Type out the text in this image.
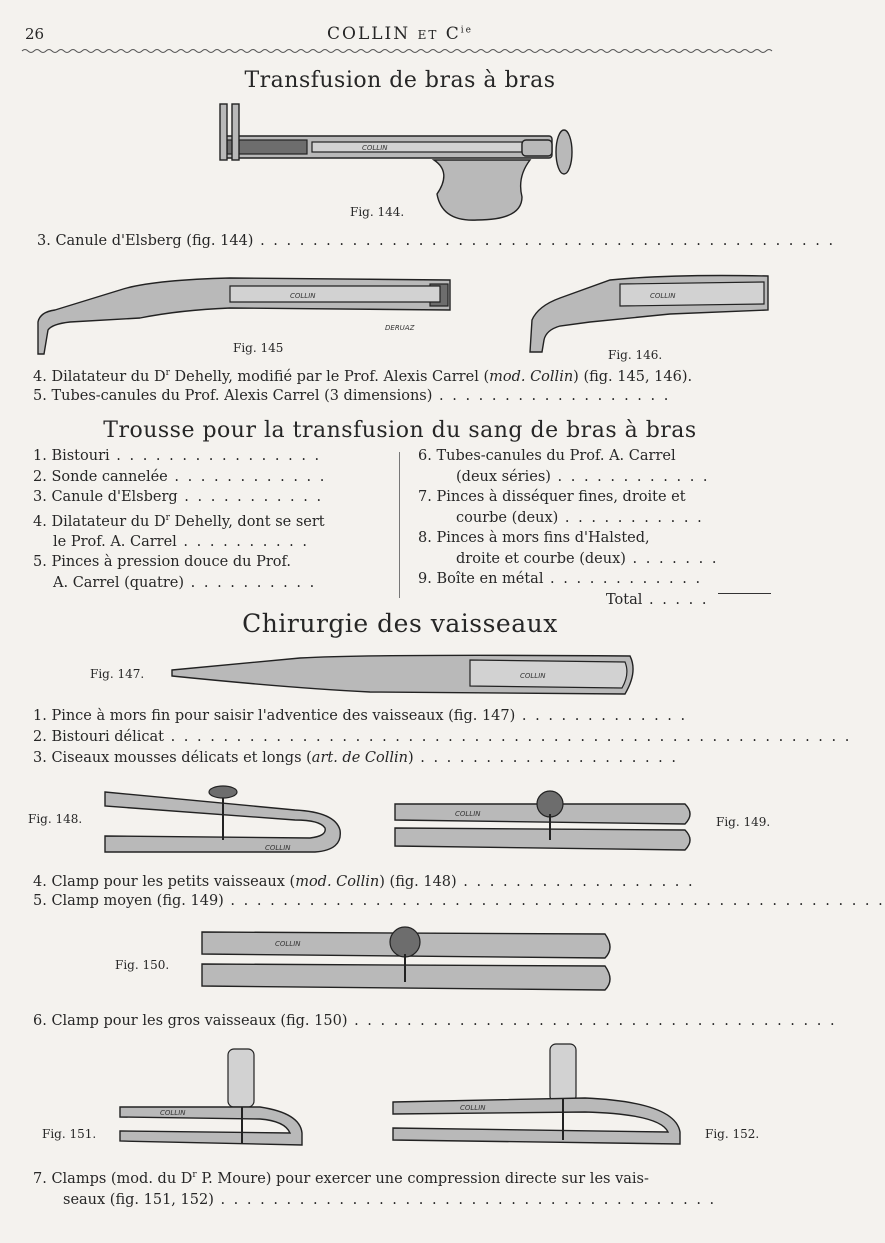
26	COLLIN ET $C^{ie}$
Transfusion de bras à bras
COLLIN
Fig. 144.
3. Canule d'Elsberg (fig. 144) . . . . . . . . . . . . . . . . . . . . . . . . . . . . . . . . . . . . . . . . . . . .
COLLIN
DERUAZ
Fig. 145
COLLIN
Fig. 146.
4. Dilatateur du $D^r$ Dehelly, modifié par le Prof. Alexis Carrel (mod. Collin) (fig. 145, 146).
5. Tubes-canules du Prof. Alexis Carrel (3 dimensions) . . . . . . . . . . . . . . . . . .
Trousse pour la transfusion du sang de bras à bras
1. Bistouri . . . . . . . . . . . . . . . .
2. Sonde cannelée . . . . . . . . . . . .
3. Canule d'Elsberg . . . . . . . . . . .
4. Dilatateur du $D^r$ Dehelly, dont se sert
le Prof. A. Carrel . . . . . . . . . .
5. Pinces à pression douce du Prof.
A. Carrel (quatre) . . . . . . . . . .
6. Tubes-canules du Prof. A. Carrel
(deux séries) . . . . . . . . . . . .
7. Pinces à disséquer fines, droite et
courbe (deux) . . . . . . . . . . .
8. Pinces à mors fins d'Halsted,
droite et courbe (deux) . . . . . . .
9. Boîte en métal . . . . . . . . . . . .
Total . . . . .
Chirurgie des vaisseaux
Fig. 147.	COLLIN
1. Pince à mors fin pour saisir l'adventice des vaisseaux (fig. 147) . . . . . . . . . . . . .
2. Bistouri délicat . . . . . . . . . . . . . . . . . . . . . . . . . . . . . . . . . . . . . . . . . . . . . . . . . . . .
3. Ciseaux mousses délicats et longs (art. de Collin) . . . . . . . . . . . . . . . . . . . .
Fig. 148.
COLLIN
COLLIN
Fig. 149.
4. Clamp pour les petits vaisseaux (mod. Collin) (fig. 148) . . . . . . . . . . . . . . . . . .
5. Clamp moyen (fig. 149) . . . . . . . . . . . . . . . . . . . . . . . . . . . . . . . . . . . . . . . . . . . . . . . . . .
Fig. 150.
COLLIN
6. Clamp pour les gros vaisseaux (fig. 150) . . . . . . . . . . . . . . . . . . . . . . . . . . . . . . . . . . . . .
Fig. 151.
COLLIN
COLLIN
Fig. 152.
7. Clamps (mod. du $D^r$ P. Moure) pour exercer une compression directe sur les vais-
seaux (fig. 151, 152) . . . . . . . . . . . . . . . . . . . . . . . . . . . . . . . . . . . . . .
